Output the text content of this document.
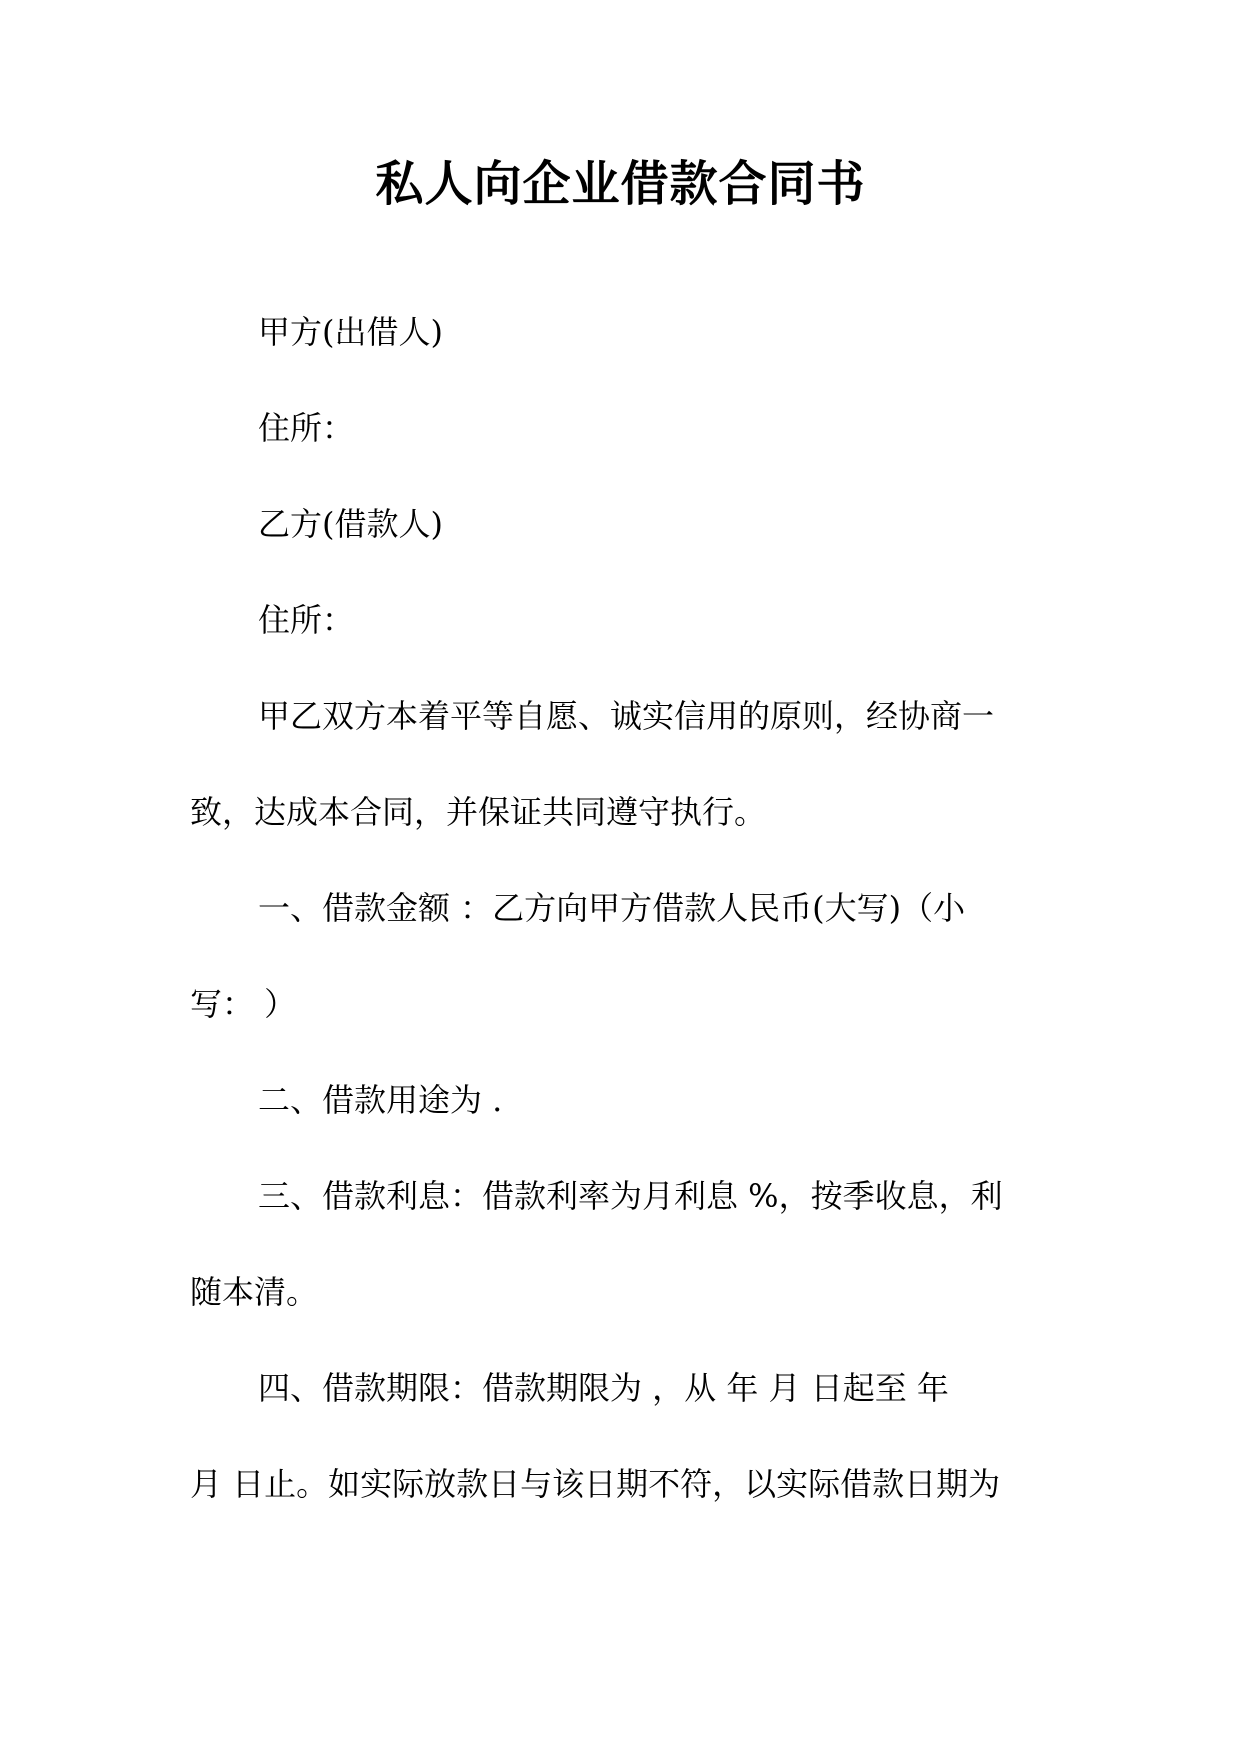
私人向企业借款合同书
甲方(出借人)
住所：
乙方(借款人)
住所：
甲乙双方本着平等自愿、诚实信用的原则，经协商一
致，达成本合同，并保证共同遵守执行。
一、借款金额 ：乙方向甲方借款人民币(大写)（小
写： ）
二、借款用途为 .
三、借款利息：借款利率为月利息 %，按季收息，利
随本清。
四、借款期限：借款期限为 ，从 年 月 日起至 年
月 日止。如实际放款日与该日期不符，以实际借款日期为
